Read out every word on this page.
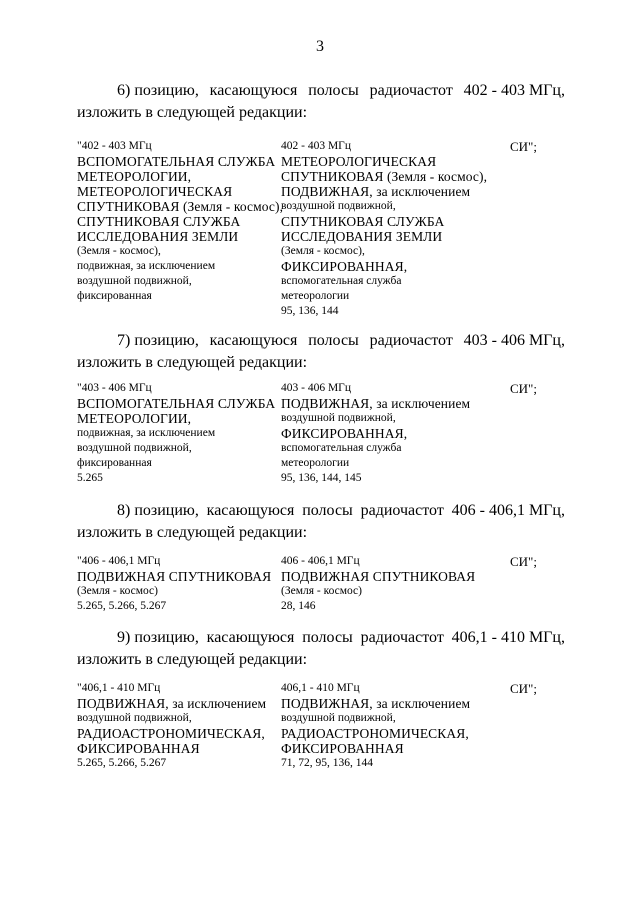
3
6) позицию, касающуюся полосы радиочастот 402 - 403 МГц,
изложить в следующей редакции:
"402 - 403 МГц
ВСПОМОГАТЕЛЬНАЯ СЛУЖБА
МЕТЕОРОЛОГИИ,
МЕТЕОРОЛОГИЧЕСКАЯ
СПУТНИКОВАЯ (Земля - космос),
СПУТНИКОВАЯ СЛУЖБА
ИССЛЕДОВАНИЯ ЗЕМЛИ
(Земля - космос),
подвижная, за исключением
воздушной подвижной,
фиксированная
402 - 403 МГц
МЕТЕОРОЛОГИЧЕСКАЯ
СПУТНИКОВАЯ (Земля - космос),
ПОДВИЖНАЯ, за исключением
воздушной подвижной,
СПУТНИКОВАЯ СЛУЖБА
ИССЛЕДОВАНИЯ ЗЕМЛИ
(Земля - космос),
ФИКСИРОВАННАЯ,
вспомогательная служба
метеорологии
95, 136, 144
СИ";
7) позицию, касающуюся полосы радиочастот 403 - 406 МГц,
изложить в следующей редакции:
"403 - 406 МГц
ВСПОМОГАТЕЛЬНАЯ СЛУЖБА
МЕТЕОРОЛОГИИ,
подвижная, за исключением
воздушной подвижной,
фиксированная
5.265
403 - 406 МГц
ПОДВИЖНАЯ, за исключением
воздушной подвижной,
ФИКСИРОВАННАЯ,
вспомогательная служба
метеорологии
95, 136, 144, 145
СИ";
8) позицию, касающуюся полосы радиочастот 406 - 406,1 МГц,
изложить в следующей редакции:
"406 - 406,1 МГц
ПОДВИЖНАЯ СПУТНИКОВАЯ
(Земля - космос)
5.265, 5.266, 5.267
406 - 406,1 МГц
ПОДВИЖНАЯ СПУТНИКОВАЯ
(Земля - космос)
28, 146
СИ";
9) позицию, касающуюся полосы радиочастот 406,1 - 410 МГц,
изложить в следующей редакции:
"406,1 - 410 МГц
ПОДВИЖНАЯ, за исключением
воздушной подвижной,
РАДИОАСТРОНОМИЧЕСКАЯ,
ФИКСИРОВАННАЯ
5.265, 5.266, 5.267
406,1 - 410 МГц
ПОДВИЖНАЯ, за исключением
воздушной подвижной,
РАДИОАСТРОНОМИЧЕСКАЯ,
ФИКСИРОВАННАЯ
71, 72, 95, 136, 144
СИ";
